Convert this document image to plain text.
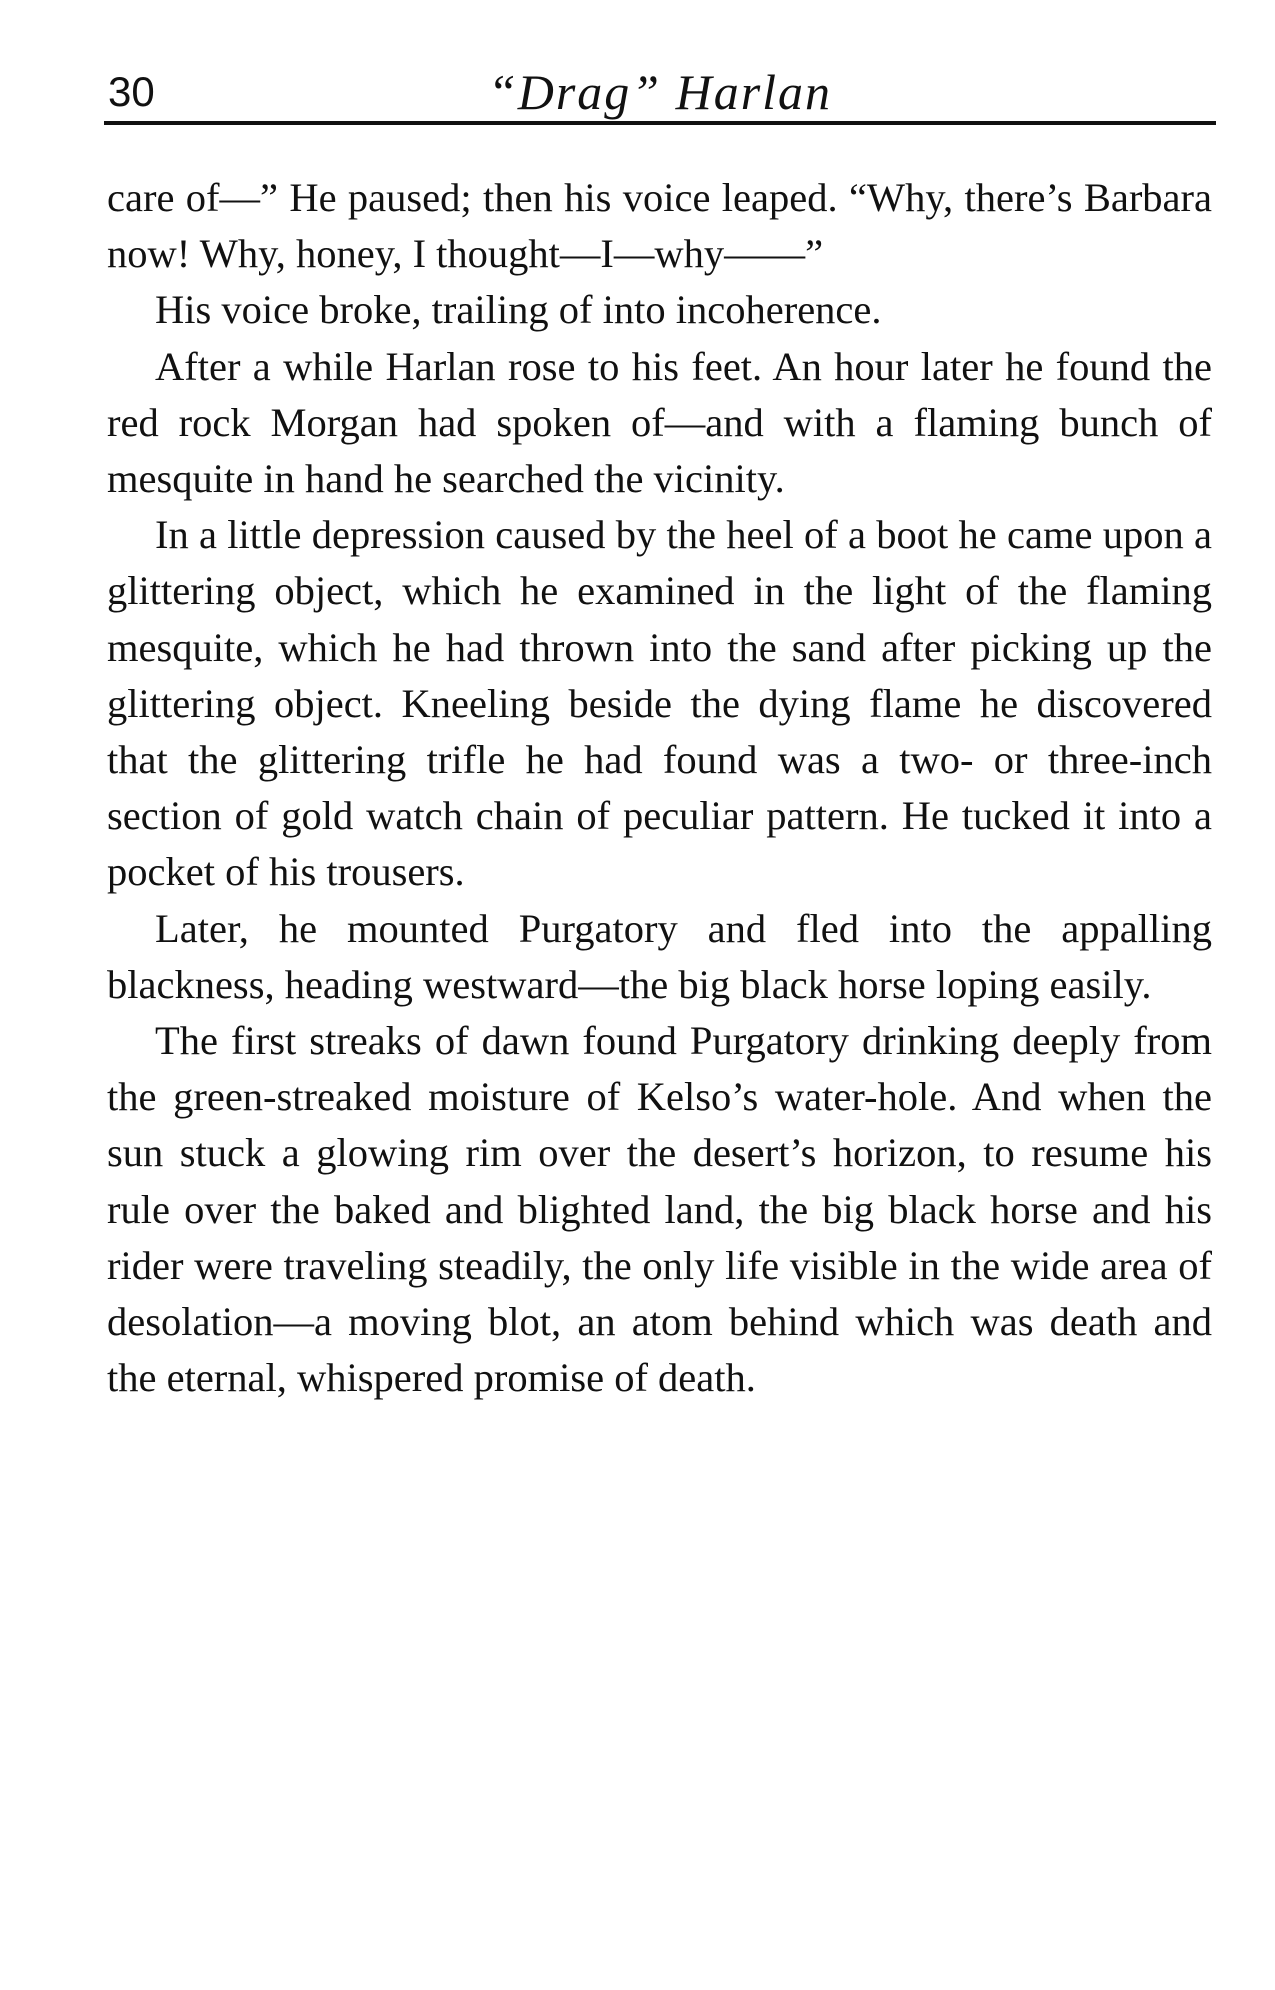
30	“Drag” Harlan

care of—” He paused; then his voice leaped. “Why, there’s Barbara now! Why, honey, I thought—I—why——”

His voice broke, trailing of into incoherence.

After a while Harlan rose to his feet. An hour later he found the red rock Morgan had spoken of—and with a flaming bunch of mesquite in hand he searched the vicinity.

In a little depression caused by the heel of a boot he came upon a glittering object, which he examined in the light of the flaming mesquite, which he had thrown into the sand after picking up the glittering object. Kneeling beside the dying flame he discovered that the glittering trifle he had found was a two- or three-inch section of gold watch chain of peculiar pattern. He tucked it into a pocket of his trousers.

Later, he mounted Purgatory and fled into the appalling blackness, heading westward—the big black horse loping easily.

The first streaks of dawn found Purgatory drinking deeply from the green-streaked moisture of Kelso’s water-hole. And when the sun stuck a glowing rim over the desert’s horizon, to resume his rule over the baked and blighted land, the big black horse and his rider were traveling steadily, the only life visible in the wide area of desolation—a moving blot, an atom behind which was death and the eternal, whispered promise of death.
